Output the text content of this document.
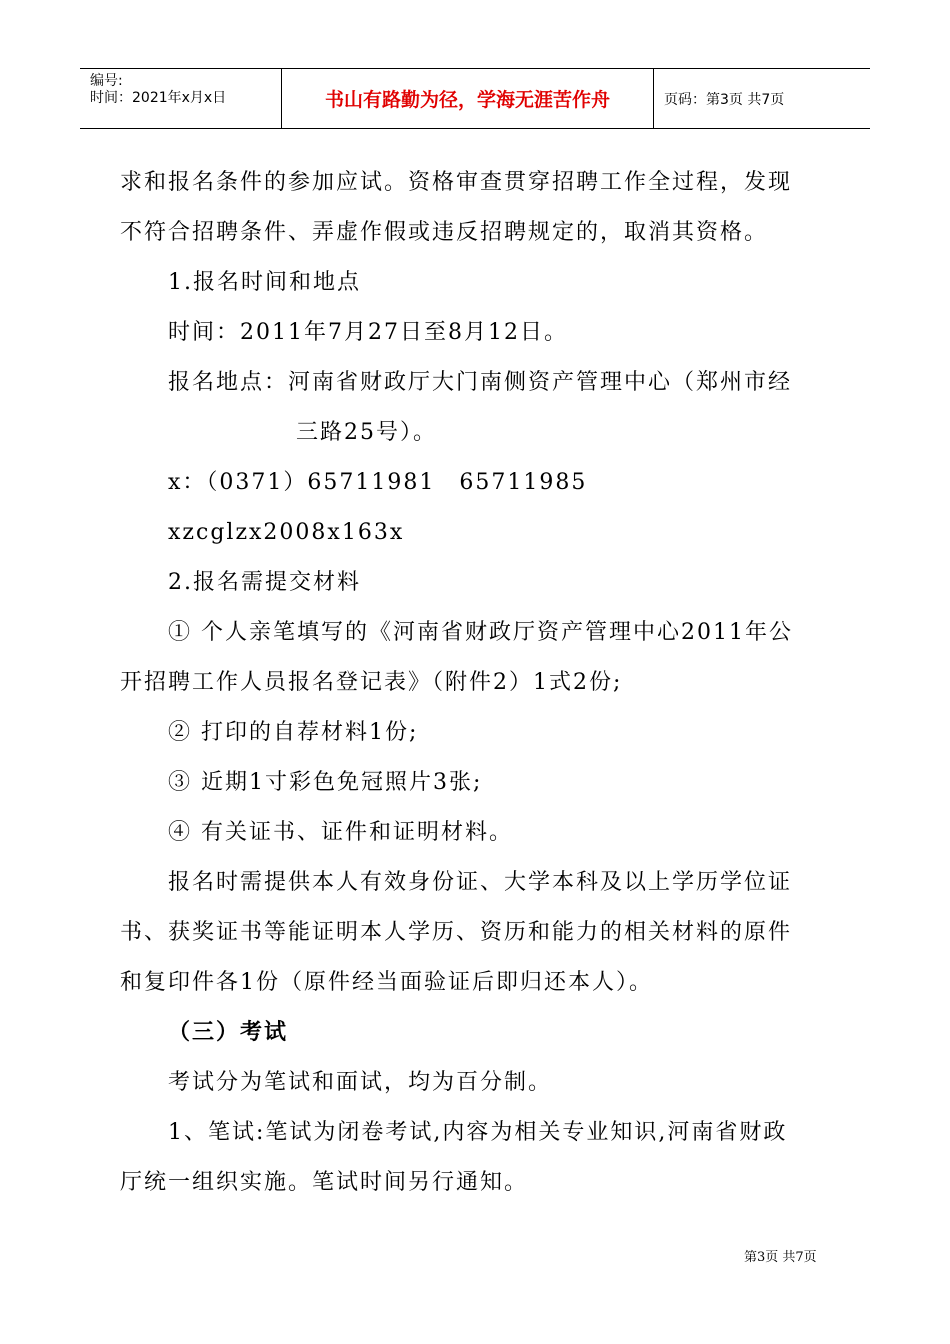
编号:
时间：2021年x月x日	书山有路勤为径，学海无涯苦作舟	页码：第3页 共7页
求和报名条件的参加应试。资格审查贯穿招聘工作全过程，发现
不符合招聘条件、弄虚作假或违反招聘规定的，取消其资格。
1.报名时间和地点
时间：2011年7月27日至8月12日。
报名地点：河南省财政厅大门南侧资产管理中心（郑州市经
三路25号）。
x：（0371）65711981　65711985
xzcglzx2008x163x
2.报名需提交材料
① 个人亲笔填写的《河南省财政厅资产管理中心2011年公
开招聘工作人员报名登记表》（附件2）1式2份;
② 打印的自荐材料1份;
③ 近期1寸彩色免冠照片3张;
④ 有关证书、证件和证明材料。
报名时需提供本人有效身份证、大学本科及以上学历学位证
书、获奖证书等能证明本人学历、资历和能力的相关材料的原件
和复印件各1份（原件经当面验证后即归还本人）。
（三）考试
考试分为笔试和面试，均为百分制。
1、笔试:笔试为闭卷考试,内容为相关专业知识,河南省财政
厅统一组织实施。笔试时间另行通知。
第3页 共7页
